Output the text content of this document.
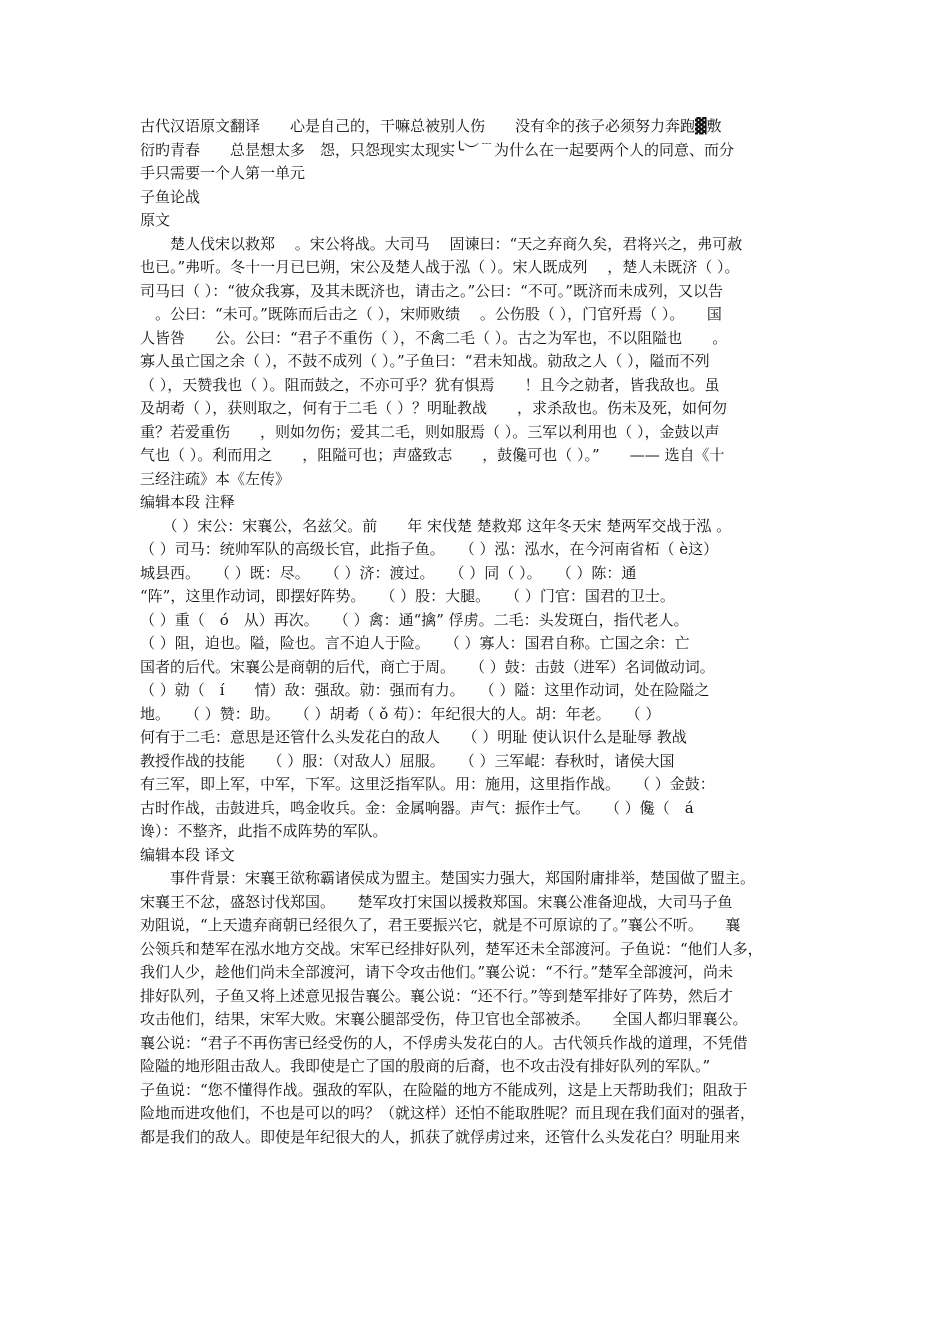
古代汉语原文翻译　　心是自己的，干嘛总被别人伤　　没有伞的孩子必须努力奔跑▓敷
衍旳青春　　总昰想太多　怨，只怨现实太现实╰︶﹉为什么在一起要两个人的同意、而分
手只需要一个人第一单元
子鱼论战
原文
　　楚人伐宋以救郑　 。宋公将战。大司马　 固谏曰：“天之弃商久矣，君将兴之，弗可赦
也已。”弗听。冬十一月已巳朔，宋公及楚人战于泓（ ）。宋人既成列　 ，楚人未既济（ ）。
司马曰（ ）：“彼众我寡，及其未既济也，请击之。”公曰：“不可。”既济而未成列，又以告
　。公曰：“未可。”既陈而后击之（ ），宋师败绩　 。公伤股（ ），门官歼焉（ ）。　　国
人皆咎　　公。公曰：“君子不重伤（ ），不禽二毛（ ）。古之为军也，不以阻隘也　　。
寡人虽亡国之余（ ），不鼓不成列（ ）。”子鱼曰：“君未知战。勍敌之人（ ），隘而不列
（ ），天赞我也（ ）。阻而鼓之，不亦可乎？犹有惧焉　　！且今之勍者，皆我敌也。虽
及胡耇（ ），获则取之，何有于二毛（ ）？明耻教战　　，求杀敌也。伤未及死，如何勿
重？若爱重伤　　，则如勿伤；爱其二毛，则如服焉（ ）。三军以利用也（ ），金鼓以声
气也（ ）。利而用之　　，阻隘可也；声盛致志　　，鼓儳可也（ ）。”　　—— 选自《十
三经注疏》本《左传》
编辑本段 注释
　　（ ）宋公：宋襄公，名兹父。前　　年 宋伐楚 楚救郑 这年冬天宋 楚两军交战于泓 。
（ ）司马：统帅军队的高级长官，此指子鱼。　　（ ）泓：泓水，在今河南省柘（ è这）
城县西。　　（ ）既：尽。　　（ ）济：渡过。　　（ ）同（ ）。　　（ ）陈：通
“阵”，这里作动词，即摆好阵势。　　（ ）股：大腿。　　（ ）门官：国君的卫士。
（ ）重（　ó　从）再次。　　（ ）禽：通“擒” 俘虏。二毛：头发斑白，指代老人。
（ ）阻，迫也。隘，险也。言不迫人于险。　　（ ）寡人：国君自称。亡国之余：亡
国者的后代。宋襄公是商朝的后代，商亡于周。　　（ ）鼓：击鼓（进军）名词做动词。
（ ）勍（　í　　情）敌：强敌。勍：强而有力。　　（ ）隘：这里作动词，处在险隘之
地。　　（ ）赞：助。　　（ ）胡耇（ ǒ 苟）：年纪很大的人。胡：年老。　　（ ）
何有于二毛：意思是还管什么头发花白的敌人　　（ ）明耻 使认识什么是耻辱 教战
教授作战的技能　　（ ）服：（对敌人）屈服。　　（ ）三军崐：春秋时，诸侯大国
有三军，即上军，中军，下军。这里泛指军队。用：施用，这里指作战。　　（ ）金鼓：
古时作战，击鼓进兵，鸣金收兵。金：金属响器。声气：振作士气。　　（ ）儳（　á
谗）：不整齐，此指不成阵势的军队。
编辑本段 译文
　　事件背景：宋襄王欲称霸诸侯成为盟主。楚国实力强大，郑国附庸排举，楚国做了盟主。
宋襄王不忿，盛怒讨伐郑国。　　楚军攻打宋国以援救郑国。宋襄公准备迎战，大司马子鱼
劝阻说，“上天遗弃商朝已经很久了，君王要振兴它，就是不可原谅的了。”襄公不听。　　襄
公领兵和楚军在泓水地方交战。宋军已经排好队列，楚军还未全部渡河。子鱼说：“他们人多，
我们人少，趁他们尚未全部渡河，请下令攻击他们。”襄公说：“不行。”楚军全部渡河，尚未
排好队列，子鱼又将上述意见报告襄公。襄公说：“还不行。”等到楚军排好了阵势，然后才
攻击他们，结果，宋军大败。宋襄公腿部受伤，侍卫官也全部被杀。　　全国人都归罪襄公。
襄公说：“君子不再伤害已经受伤的人，不俘虏头发花白的人。古代领兵作战的道理，不凭借
险隘的地形阻击敌人。我即使是亡了国的殷商的后裔，也不攻击没有排好队列的军队。”
子鱼说：“您不懂得作战。强敌的军队，在险隘的地方不能成列，这是上天帮助我们；阻敌于
险地而进攻他们，不也是可以的吗？（就这样）还怕不能取胜呢？而且现在我们面对的强者，
都是我们的敌人。即使是年纪很大的人，抓获了就俘虏过来，还管什么头发花白？明耻用来
